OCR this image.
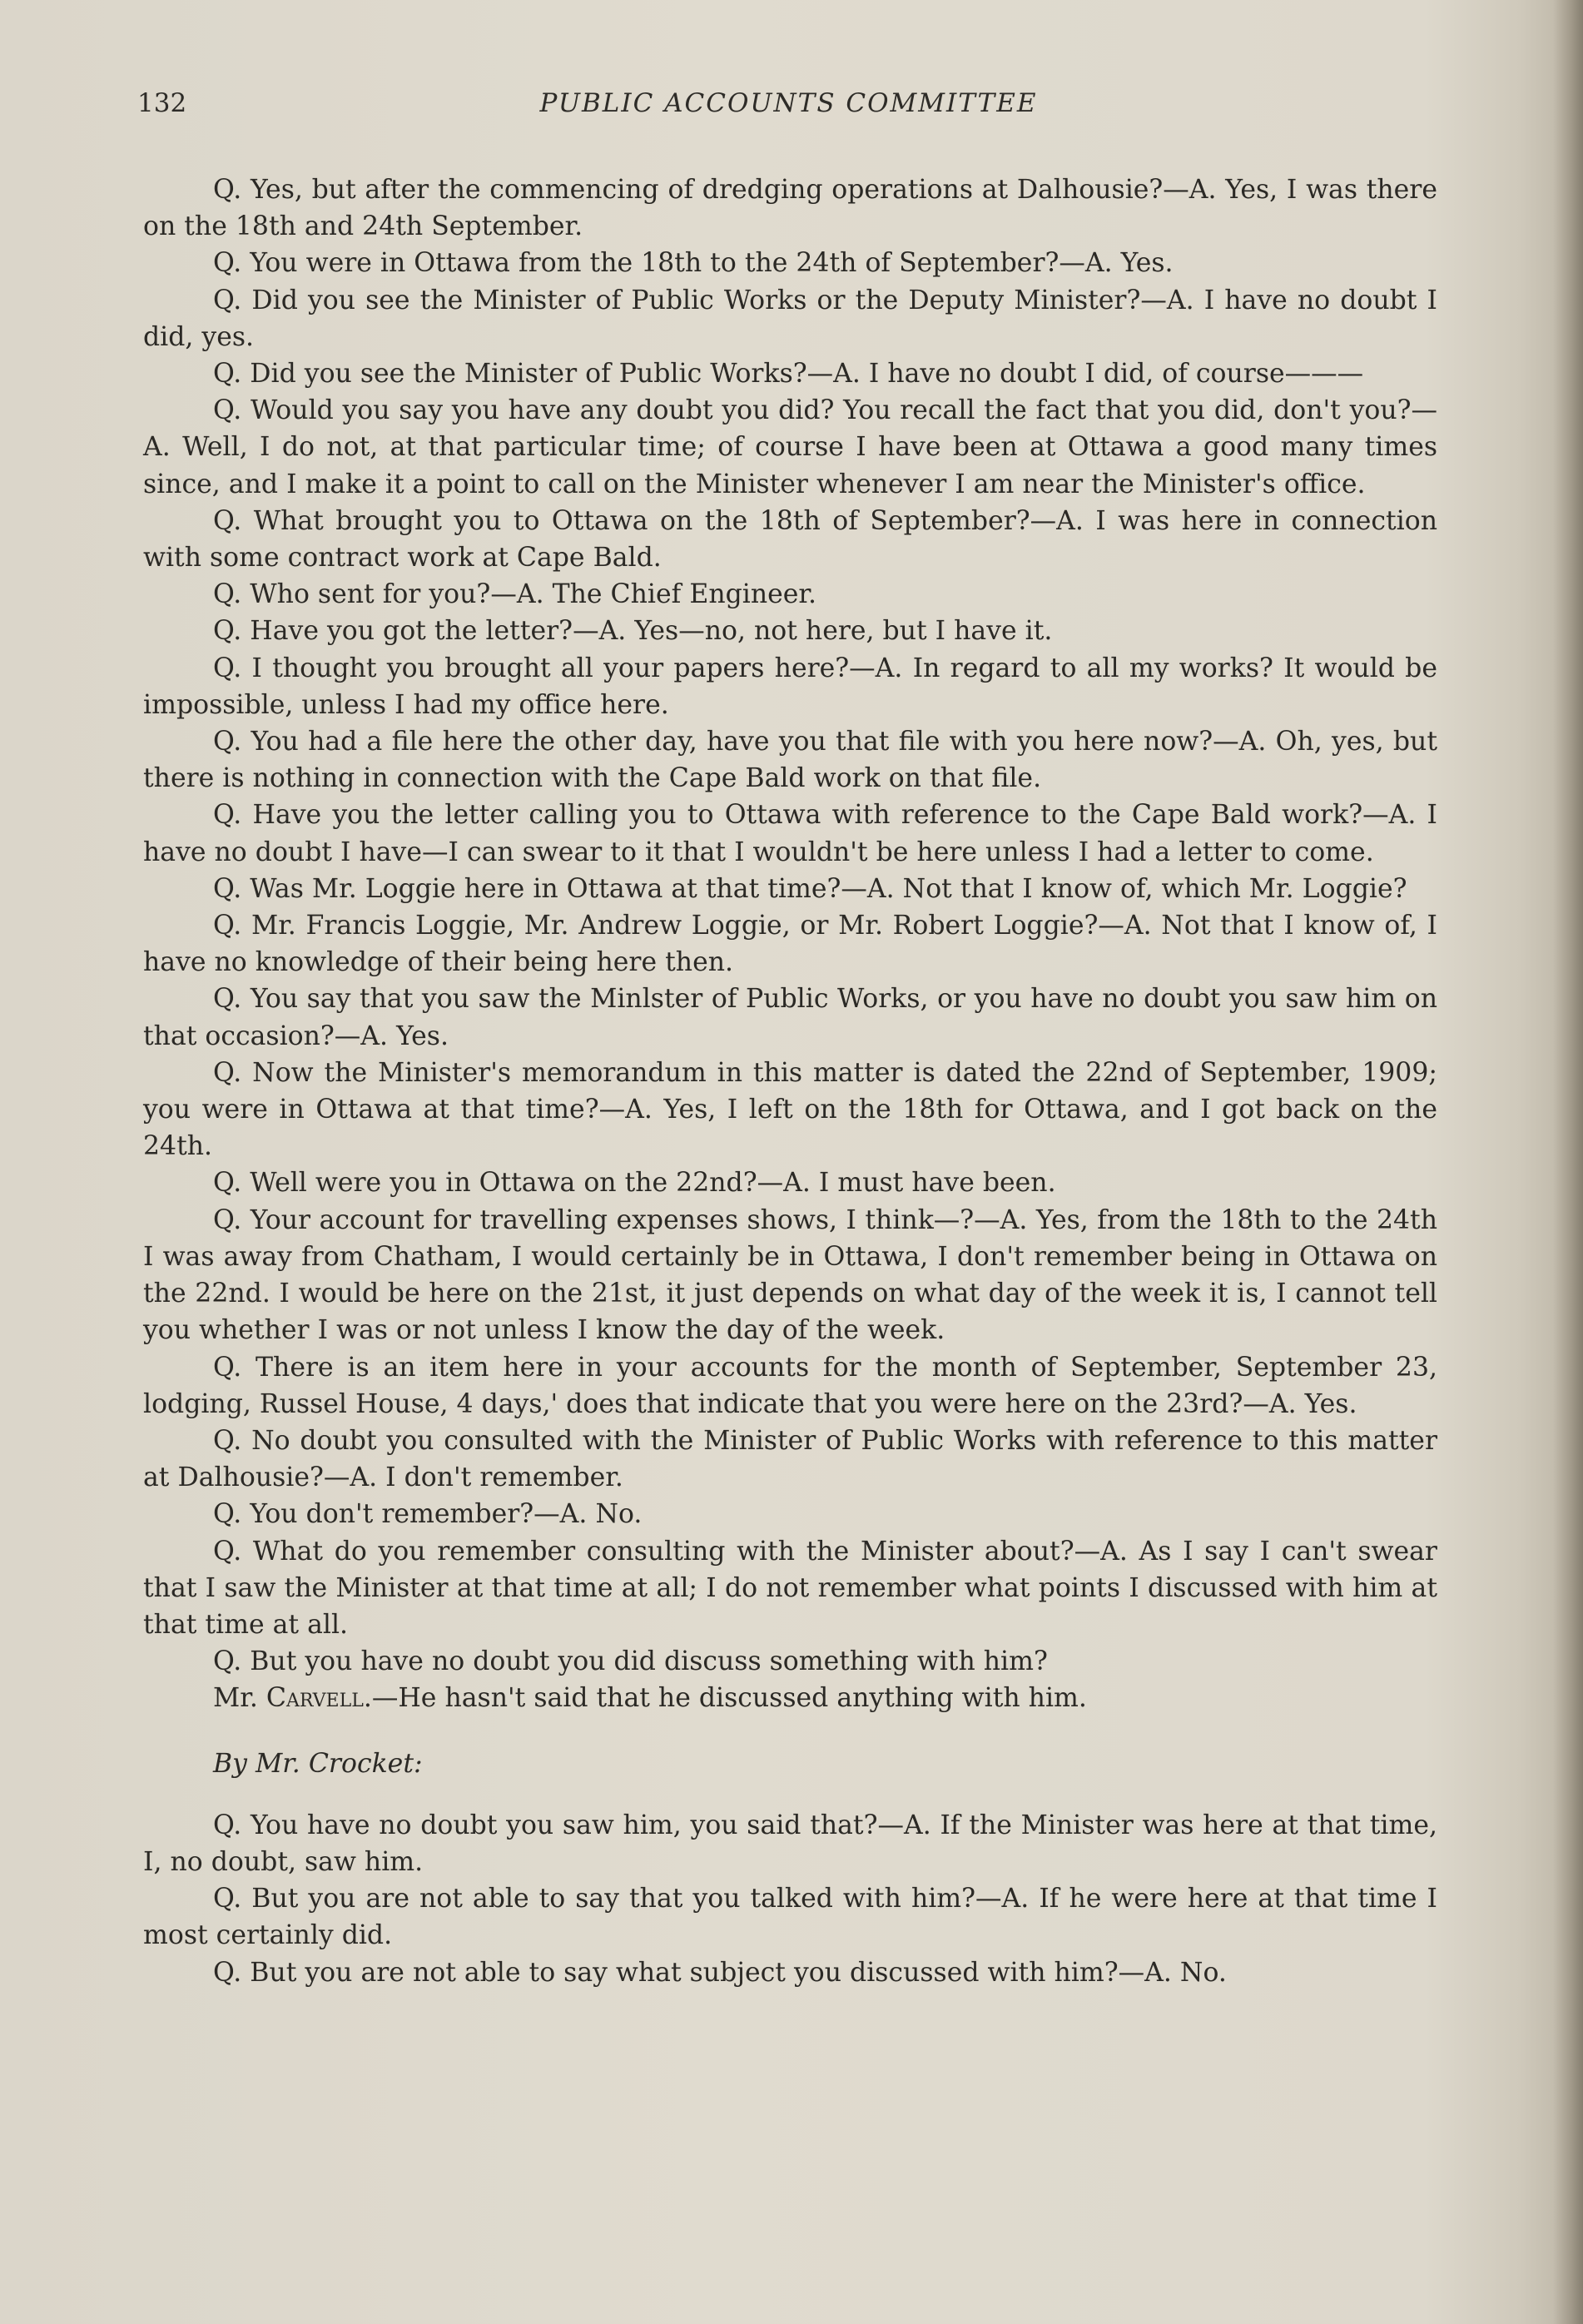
132	PUBLIC ACCOUNTS COMMITTEE

Q. Yes, but after the commencing of dredging operations at Dalhousie?—A. Yes, I was there on the 18th and 24th September.

Q. You were in Ottawa from the 18th to the 24th of September?—A. Yes.

Q. Did you see the Minister of Public Works or the Deputy Minister?—A. I have no doubt I did, yes.

Q. Did you see the Minister of Public Works?—A. I have no doubt I did, of course———

Q. Would you say you have any doubt you did? You recall the fact that you did, don't you?—A. Well, I do not, at that particular time; of course I have been at Ottawa a good many times since, and I make it a point to call on the Minister whenever I am near the Minister's office.

Q. What brought you to Ottawa on the 18th of September?—A. I was here in connection with some contract work at Cape Bald.

Q. Who sent for you?—A. The Chief Engineer.

Q. Have you got the letter?—A. Yes—no, not here, but I have it.

Q. I thought you brought all your papers here?—A. In regard to all my works? It would be impossible, unless I had my office here.

Q. You had a file here the other day, have you that file with you here now?—A. Oh, yes, but there is nothing in connection with the Cape Bald work on that file.

Q. Have you the letter calling you to Ottawa with reference to the Cape Bald work?—A. I have no doubt I have—I can swear to it that I wouldn't be here unless I had a letter to come.

Q. Was Mr. Loggie here in Ottawa at that time?—A. Not that I know of, which Mr. Loggie?

Q. Mr. Francis Loggie, Mr. Andrew Loggie, or Mr. Robert Loggie?—A. Not that I know of, I have no knowledge of their being here then.

Q. You say that you saw the Minlster of Public Works, or you have no doubt you saw him on that occasion?—A. Yes.

Q. Now the Minister's memorandum in this matter is dated the 22nd of September, 1909; you were in Ottawa at that time?—A. Yes, I left on the 18th for Ottawa, and I got back on the 24th.

Q. Well were you in Ottawa on the 22nd?—A. I must have been.

Q. Your account for travelling expenses shows, I think—?—A. Yes, from the 18th to the 24th I was away from Chatham, I would certainly be in Ottawa, I don't remember being in Ottawa on the 22nd. I would be here on the 21st, it just depends on what day of the week it is, I cannot tell you whether I was or not unless I know the day of the week.

Q. There is an item here in your accounts for the month of September, September 23, lodging, Russel House, 4 days,' does that indicate that you were here on the 23rd?—A. Yes.

Q. No doubt you consulted with the Minister of Public Works with reference to this matter at Dalhousie?—A. I don't remember.

Q. You don't remember?—A. No.

Q. What do you remember consulting with the Minister about?—A. As I say I can't swear that I saw the Minister at that time at all; I do not remember what points I discussed with him at that time at all.

Q. But you have no doubt you did discuss something with him?

Mr. Carvell.—He hasn't said that he discussed anything with him.

By Mr. Crocket:

Q. You have no doubt you saw him, you said that?—A. If the Minister was here at that time, I, no doubt, saw him.

Q. But you are not able to say that you talked with him?—A. If he were here at that time I most certainly did.

Q. But you are not able to say what subject you discussed with him?—A. No.
